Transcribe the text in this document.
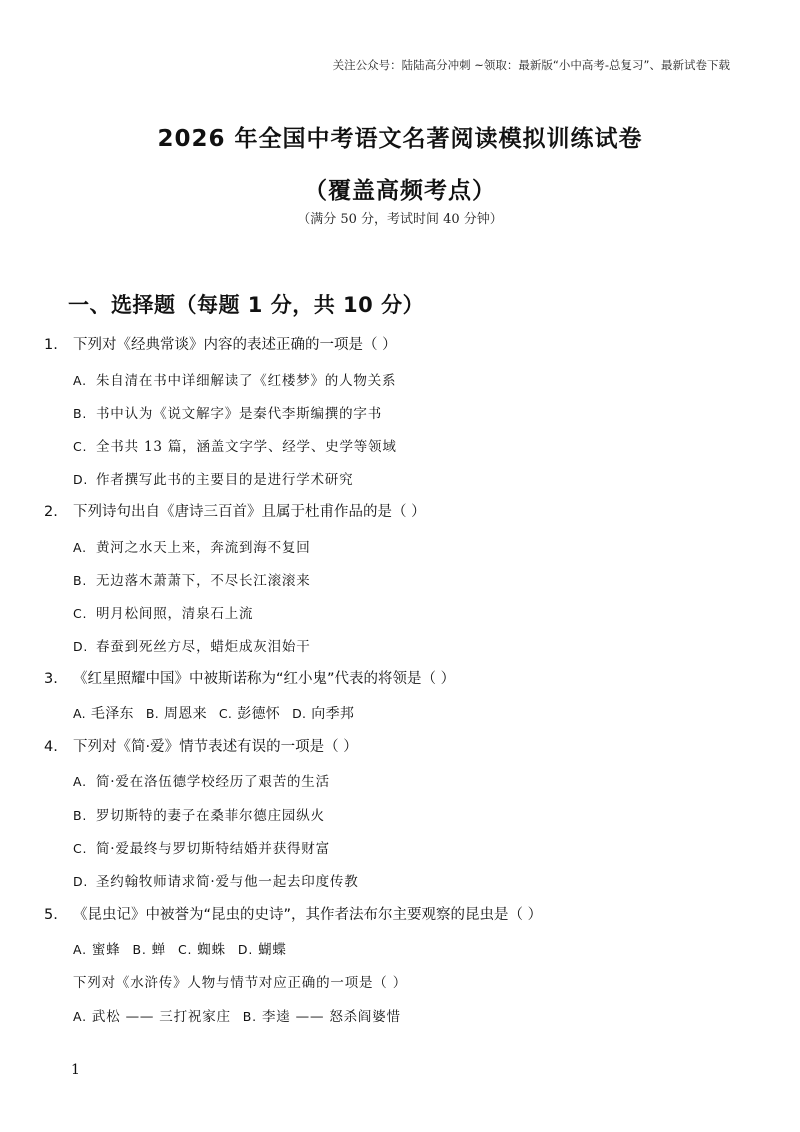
关注公众号：陆陆高分冲刺 ~领取：最新版“小中高考-总复习”、最新试卷下载
2026 年全国中考语文名著阅读模拟训练试卷
（覆盖高频考点）
（满分 50 分，考试时间 40 分钟）
一、选择题（每题 1 分，共 10 分）
1. 下列对《经典常谈》内容的表述正确的一项是（ ）
A. 朱自清在书中详细解读了《红楼梦》的人物关系
B. 书中认为《说文解字》是秦代李斯编撰的字书
C. 全书共 13 篇，涵盖文字学、经学、史学等领域
D. 作者撰写此书的主要目的是进行学术研究
2. 下列诗句出自《唐诗三百首》且属于杜甫作品的是（ ）
A. 黄河之水天上来，奔流到海不复回
B. 无边落木萧萧下，不尽长江滚滚来
C. 明月松间照，清泉石上流
D. 春蚕到死丝方尽，蜡炬成灰泪始干
3. 《红星照耀中国》中被斯诺称为“红小鬼”代表的将领是（ ）
A. 毛泽东 B. 周恩来 C. 彭德怀 D. 向季邦
4. 下列对《简·爱》情节表述有误的一项是（ ）
A. 简·爱在洛伍德学校经历了艰苦的生活
B. 罗切斯特的妻子在桑菲尔德庄园纵火
C. 简·爱最终与罗切斯特结婚并获得财富
D. 圣约翰牧师请求简·爱与他一起去印度传教
5. 《昆虫记》中被誉为“昆虫的史诗”，其作者法布尔主要观察的昆虫是（ ）
A. 蜜蜂 B. 蝉 C. 蜘蛛 D. 蝴蝶
下列对《水浒传》人物与情节对应正确的一项是（ ）
A. 武松 —— 三打祝家庄 B. 李逵 —— 怒杀阎婆惜
1
